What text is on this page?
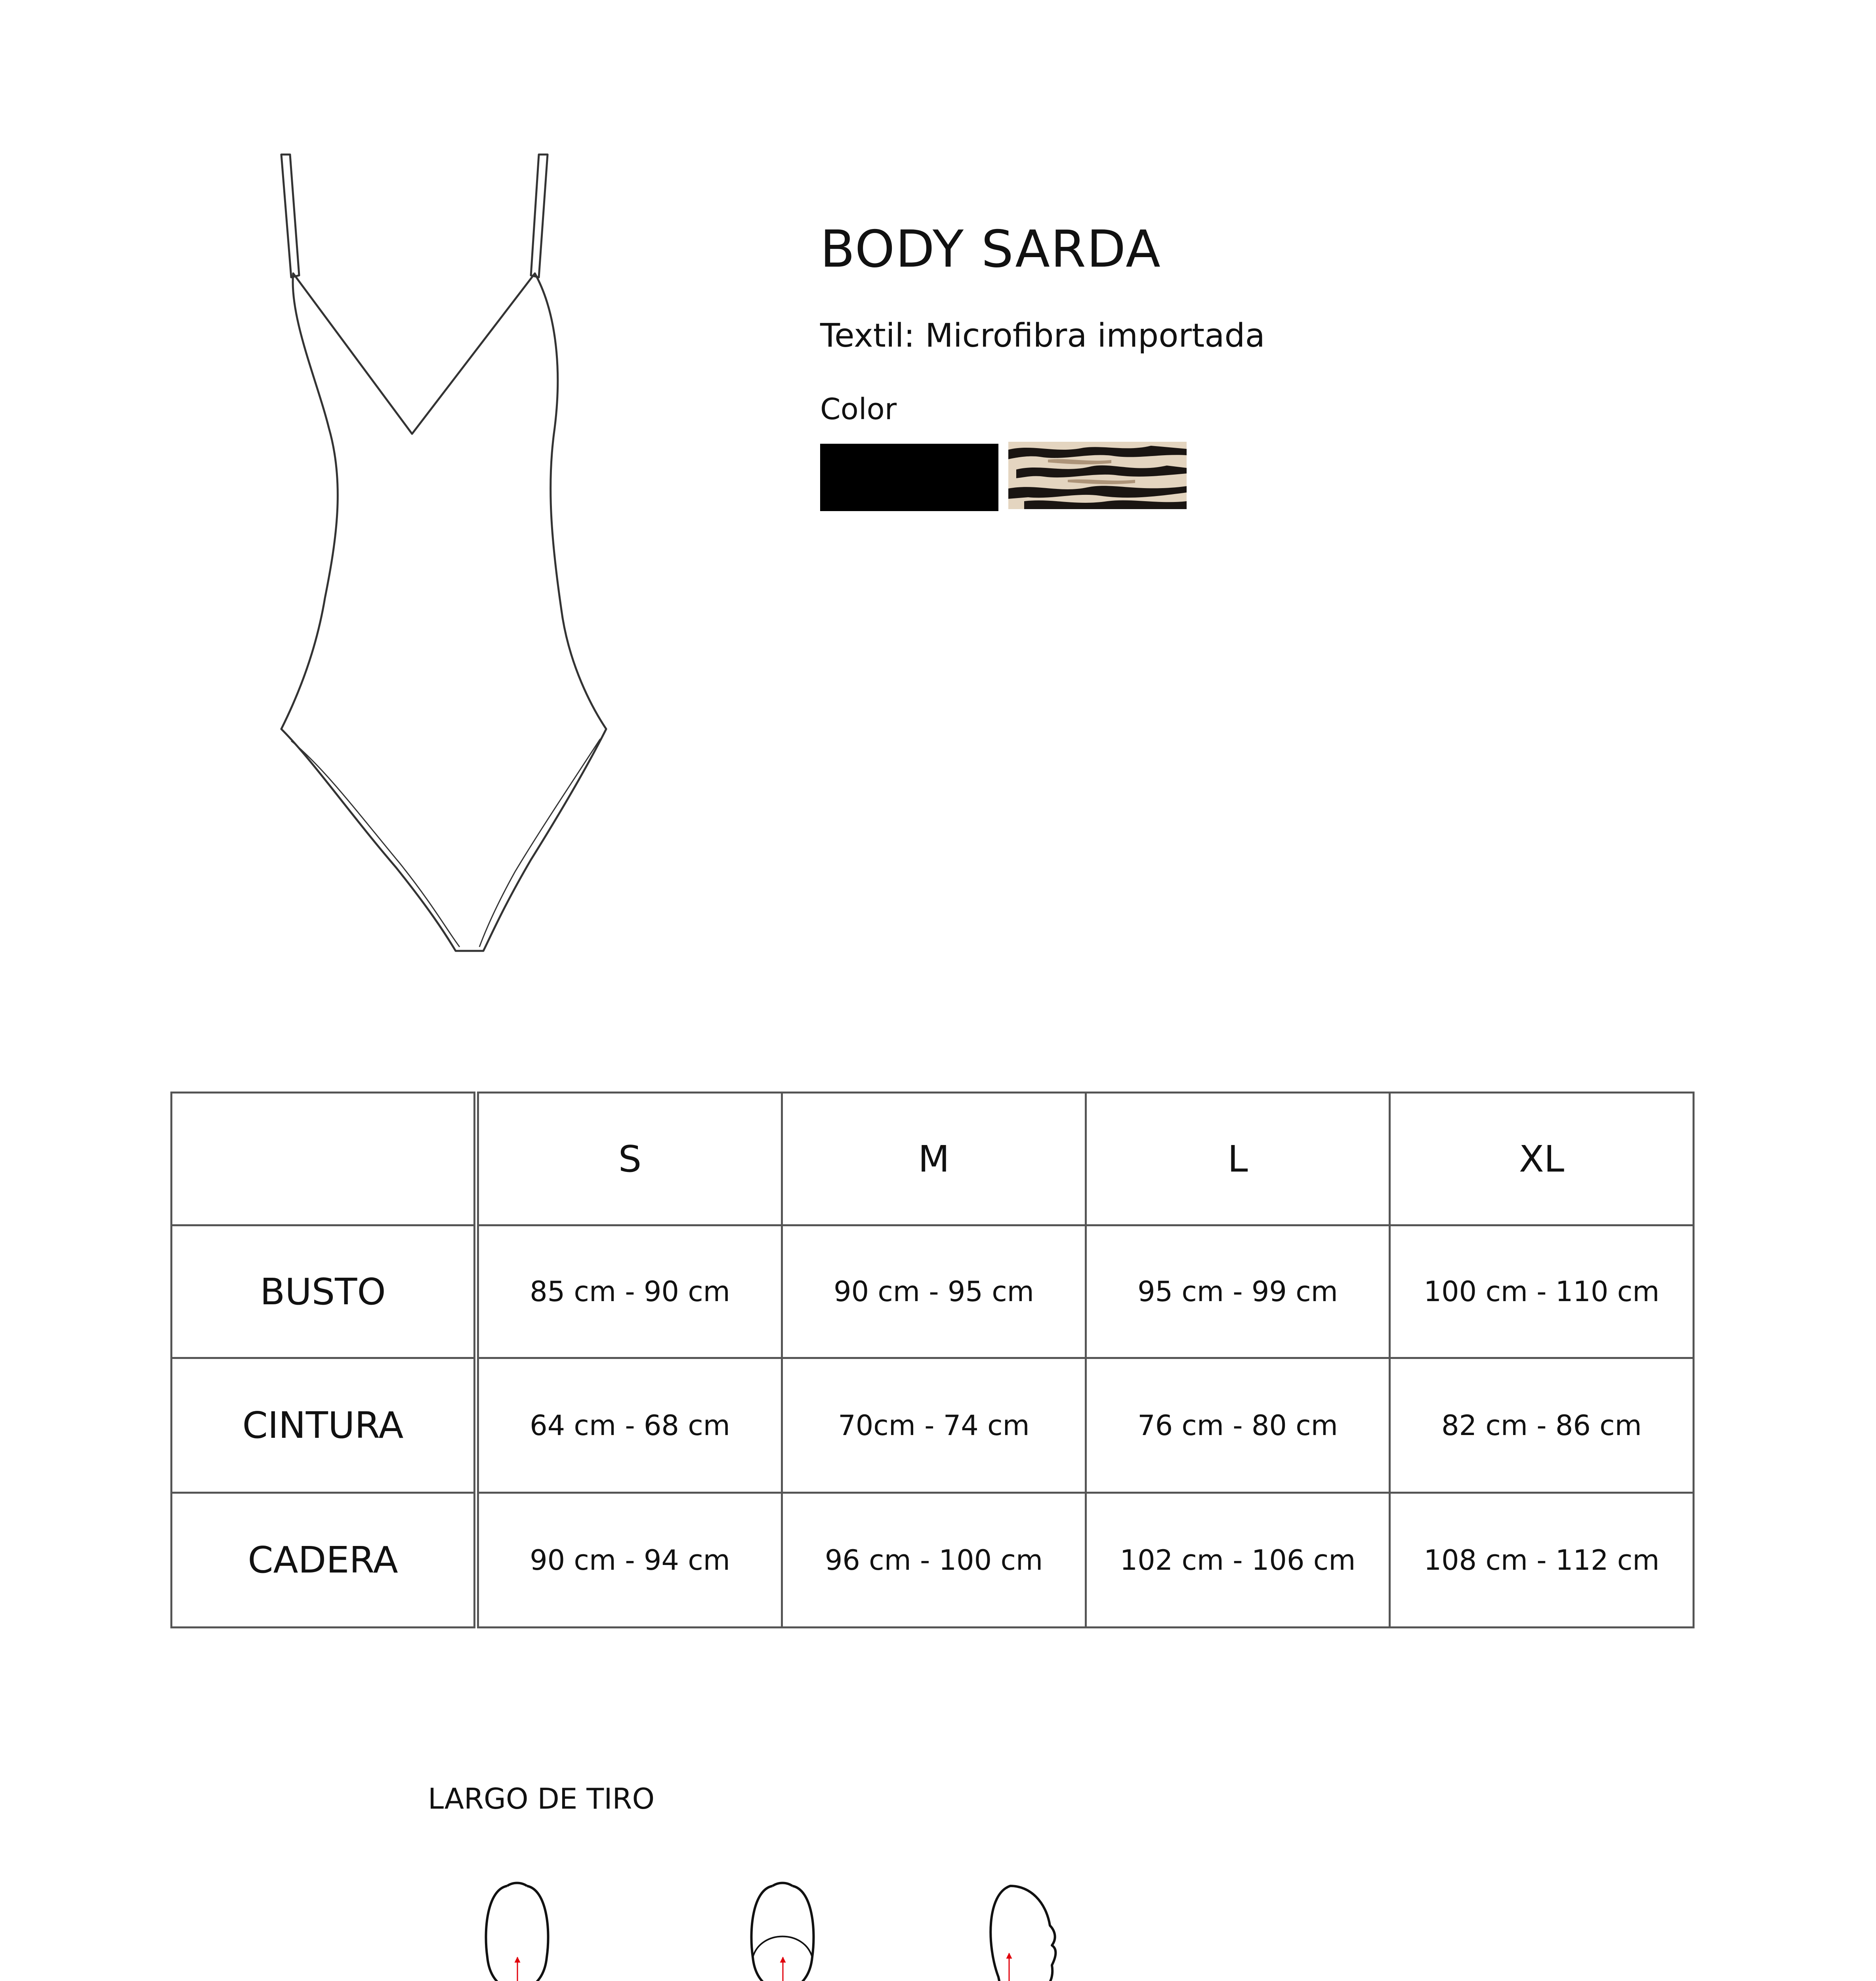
BODY SARDA
Textil: Microfibra importada
Color
	S	M	L	XL
BUSTO	85 cm - 90 cm	90 cm - 95 cm	95 cm - 99 cm	100 cm - 110 cm
CINTURA	64 cm - 68 cm	70cm - 74 cm	76 cm - 80 cm	82 cm - 86 cm
CADERA	90 cm - 94 cm	96 cm - 100 cm	102 cm - 106 cm	108 cm - 112 cm
LARGO DE TIRO
